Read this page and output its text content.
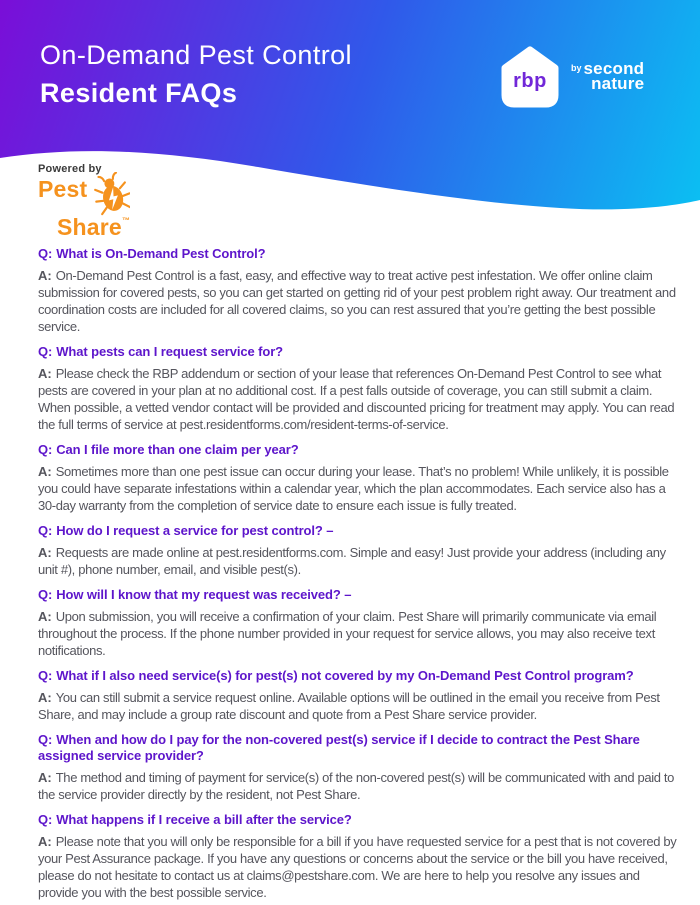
On-Demand Pest Control
Resident FAQs	rbp
by second
nature
Powered by
Pest
Share™

Q: What is On-Demand Pest Control?

A: On-Demand Pest Control is a fast, easy, and effective way to treat active pest infestation. We offer online claim submission for covered pests, so you can get started on getting rid of your pest problem right away. Our treatment and coordination costs are included for all covered claims, so you can rest assured that you’re getting the best possible service.

Q: What pests can I request service for?

A: Please check the RBP addendum or section of your lease that references On-Demand Pest Control to see what pests are covered in your plan at no additional cost. If a pest falls outside of coverage, you can still submit a claim. When possible, a vetted vendor contact will be provided and discounted pricing for treatment may apply. You can read the full terms of service at pest.residentforms.com/resident-terms-of-service.

Q: Can I file more than one claim per year?

A: Sometimes more than one pest issue can occur during your lease. That’s no problem! While unlikely, it is possible you could have separate infestations within a calendar year, which the plan accommodates. Each service also has a 30-day warranty from the completion of service date to ensure each issue is fully treated.

Q: How do I request a service for pest control? –

A: Requests are made online at pest.residentforms.com. Simple and easy! Just provide your address (including any unit #), phone number, email, and visible pest(s).

Q: How will I know that my request was received? –

A: Upon submission, you will receive a confirmation of your claim. Pest Share will primarily communicate via email throughout the process. If the phone number provided in your request for service allows, you may also receive text notifications.

Q: What if I also need service(s) for pest(s) not covered by my On-Demand Pest Control program?

A: You can still submit a service request online. Available options will be outlined in the email you receive from Pest Share, and may include a group rate discount and quote from a Pest Share service provider.

Q: When and how do I pay for the non-covered pest(s) service if I decide to contract the Pest Share assigned service provider?

A: The method and timing of payment for service(s) of the non-covered pest(s) will be communicated with and paid to the service provider directly by the resident, not Pest Share.

Q: What happens if I receive a bill after the service?

A: Please note that you will only be responsible for a bill if you have requested service for a pest that is not covered by your Pest Assurance package. If you have any questions or concerns about the service or the bill you have received, please do not hesitate to contact us at claims@pestshare.com. We are here to help you resolve any issues and provide you with the best possible service.
